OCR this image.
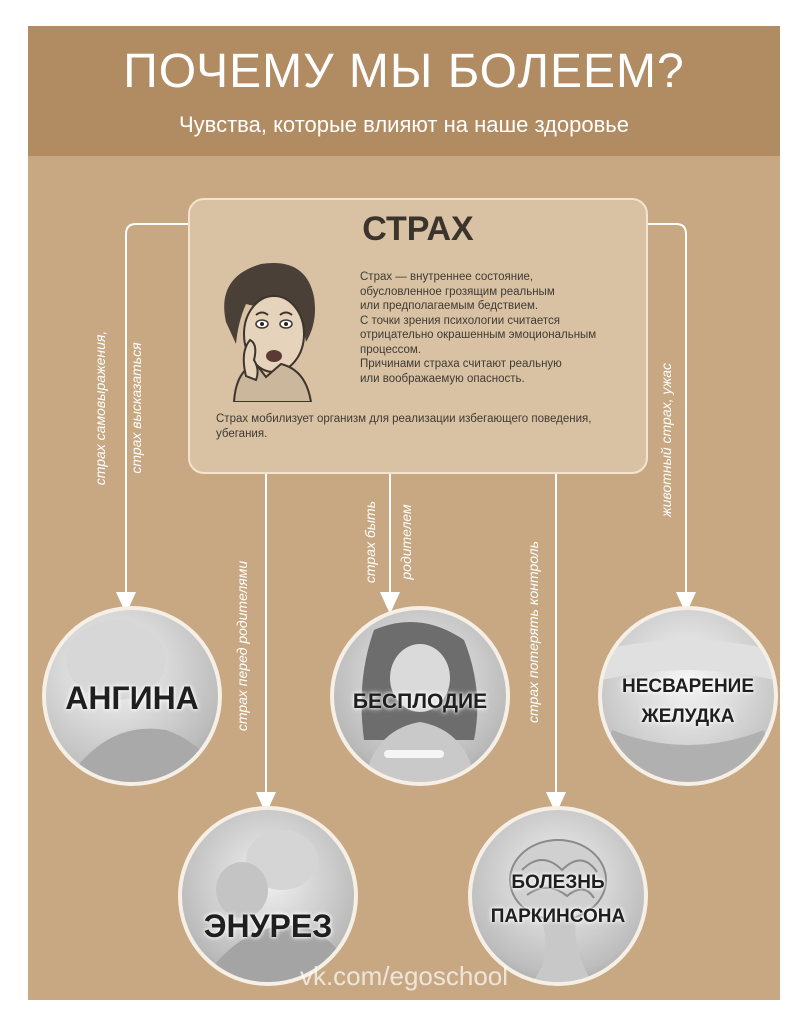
ПОЧЕМУ МЫ БОЛЕЕМ?
Чувства, которые влияют на наше здоровье
СТРАХ
Страх — внутреннее состояние,
обусловленное грозящим реальным
или предполагаемым бедствием.
С точки зрения психологии считается
отрицательно окрашенным эмоциональным
процессом.
Причинами страха считают реальную
или воображаемую опасность.
Страх мобилизует организм для реализации избегающего поведения, убегания.
страх самовыражения, страх высказаться
страх перед родителями
страх быть родителем	страх потерять контроль
животный страх, ужас
АНГИНА	БЕСПЛОДИЕ
НЕСВАРЕНИЕ
ЖЕЛУДКА
ЭНУРЕЗ
БОЛЕЗНЬ
ПАРКИНСОНА
vk.com/egoschool
